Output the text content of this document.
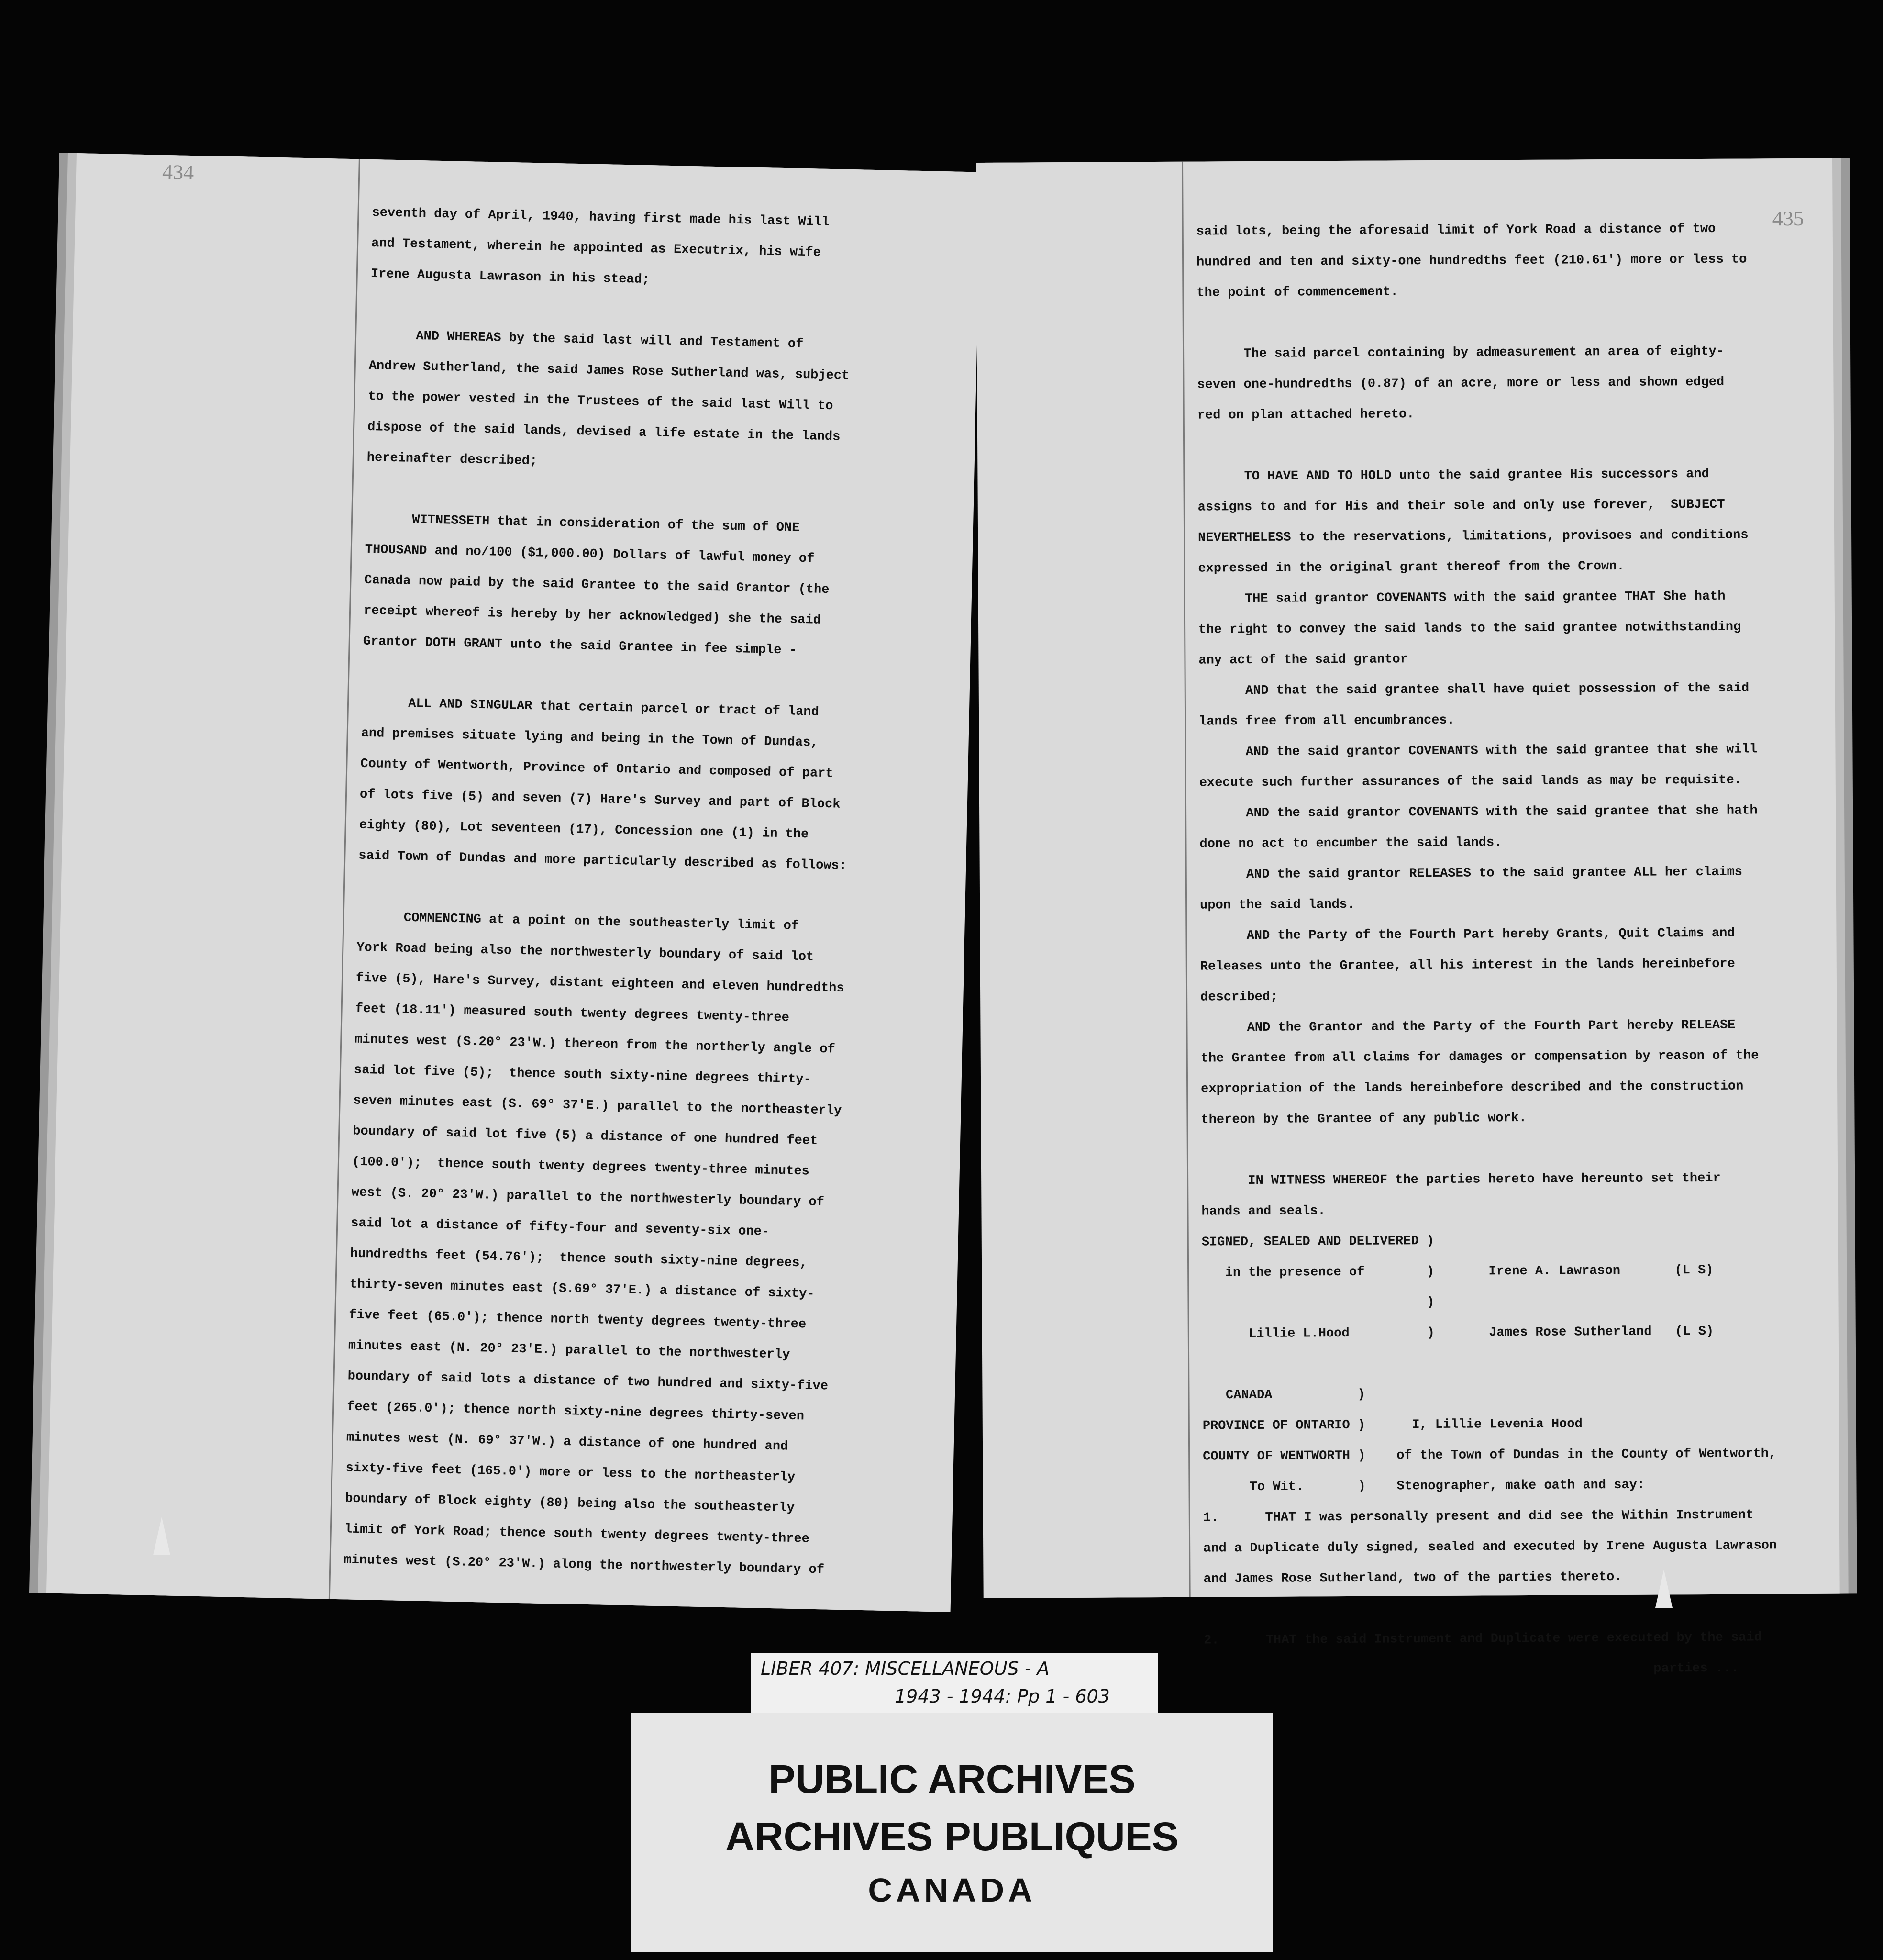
434
seventh day of April, 1940, having first made his last Will
and Testament, wherein he appointed as Executrix, his wife
Irene Augusta Lawrason in his stead;

AND WHEREAS by the said last will and Testament of
Andrew Sutherland, the said James Rose Sutherland was, subject
to the power vested in the Trustees of the said last Will to
dispose of the said lands, devised a life estate in the lands
hereinafter described;

WITNESSETH that in consideration of the sum of ONE
THOUSAND and no/100 ($1,000.00) Dollars of lawful money of
Canada now paid by the said Grantee to the said Grantor (the
receipt whereof is hereby by her acknowledged) she the said
Grantor DOTH GRANT unto the said Grantee in fee simple -

ALL AND SINGULAR that certain parcel or tract of land
and premises situate lying and being in the Town of Dundas,
County of Wentworth, Province of Ontario and composed of part
of lots five (5) and seven (7) Hare's Survey and part of Block
eighty (80), Lot seventeen (17), Concession one (1) in the
said Town of Dundas and more particularly described as follows:

COMMENCING at a point on the southeasterly limit of
York Road being also the northwesterly boundary of said lot
five (5), Hare's Survey, distant eighteen and eleven hundredths
feet (18.11') measured south twenty degrees twenty-three
minutes west (S.20° 23'W.) thereon from the northerly angle of
said lot five (5);  thence south sixty-nine degrees thirty-
seven minutes east (S. 69° 37'E.) parallel to the northeasterly
boundary of said lot five (5) a distance of one hundred feet
(100.0');  thence south twenty degrees twenty-three minutes
west (S. 20° 23'W.) parallel to the northwesterly boundary of
said lot a distance of fifty-four and seventy-six one-
hundredths feet (54.76');  thence south sixty-nine degrees,
thirty-seven minutes east (S.69° 37'E.) a distance of sixty-
five feet (65.0'); thence north twenty degrees twenty-three
minutes east (N. 20° 23'E.) parallel to the northwesterly
boundary of said lots a distance of two hundred and sixty-five
feet (265.0'); thence north sixty-nine degrees thirty-seven
minutes west (N. 69° 37'W.) a distance of one hundred and
sixty-five feet (165.0') more or less to the northeasterly
boundary of Block eighty (80) being also the southeasterly
limit of York Road; thence south twenty degrees twenty-three
minutes west (S.20° 23'W.) along the northwesterly boundary of
435
said lots, being the aforesaid limit of York Road a distance of two
hundred and ten and sixty-one hundredths feet (210.61') more or less to
the point of commencement.

The said parcel containing by admeasurement an area of eighty-
seven one-hundredths (0.87) of an acre, more or less and shown edged
red on plan attached hereto.

TO HAVE AND TO HOLD unto the said grantee His successors and
assigns to and for His and their sole and only use forever,  SUBJECT
NEVERTHELESS to the reservations, limitations, provisoes and conditions
expressed in the original grant thereof from the Crown.
THE said grantor COVENANTS with the said grantee THAT She hath
the right to convey the said lands to the said grantee notwithstanding
any act of the said grantor
AND that the said grantee shall have quiet possession of the said
lands free from all encumbrances.
AND the said grantor COVENANTS with the said grantee that she will
execute such further assurances of the said lands as may be requisite.
AND the said grantor COVENANTS with the said grantee that she hath
done no act to encumber the said lands.
AND the said grantor RELEASES to the said grantee ALL her claims
upon the said lands.
AND the Party of the Fourth Part hereby Grants, Quit Claims and
Releases unto the Grantee, all his interest in the lands hereinbefore
described;
AND the Grantor and the Party of the Fourth Part hereby RELEASE
the Grantee from all claims for damages or compensation by reason of the
expropriation of the lands hereinbefore described and the construction
thereon by the Grantee of any public work.

IN WITNESS WHEREOF the parties hereto have hereunto set their
hands and seals.
SIGNED, SEALED AND DELIVERED )
in the presence of        )       Irene A. Lawrason       (L S)
)
Lillie L.Hood          )       James Rose Sutherland   (L S)

CANADA           )
PROVINCE OF ONTARIO )      I, Lillie Levenia Hood
COUNTY OF WENTWORTH )    of the Town of Dundas in the County of Wentworth,
To Wit.       )    Stenographer, make oath and say:
1.      THAT I was personally present and did see the Within Instrument
and a Duplicate duly signed, sealed and executed by Irene Augusta Lawrason
and James Rose Sutherland, two of the parties thereto.

2.      THAT the said Instrument and Duplicate were executed by the said
parties ...
LIBER 407: MISCELLANEOUS - A
1943 - 1944: Pp 1 - 603
PUBLIC ARCHIVES
ARCHIVES PUBLIQUES
CANADA
